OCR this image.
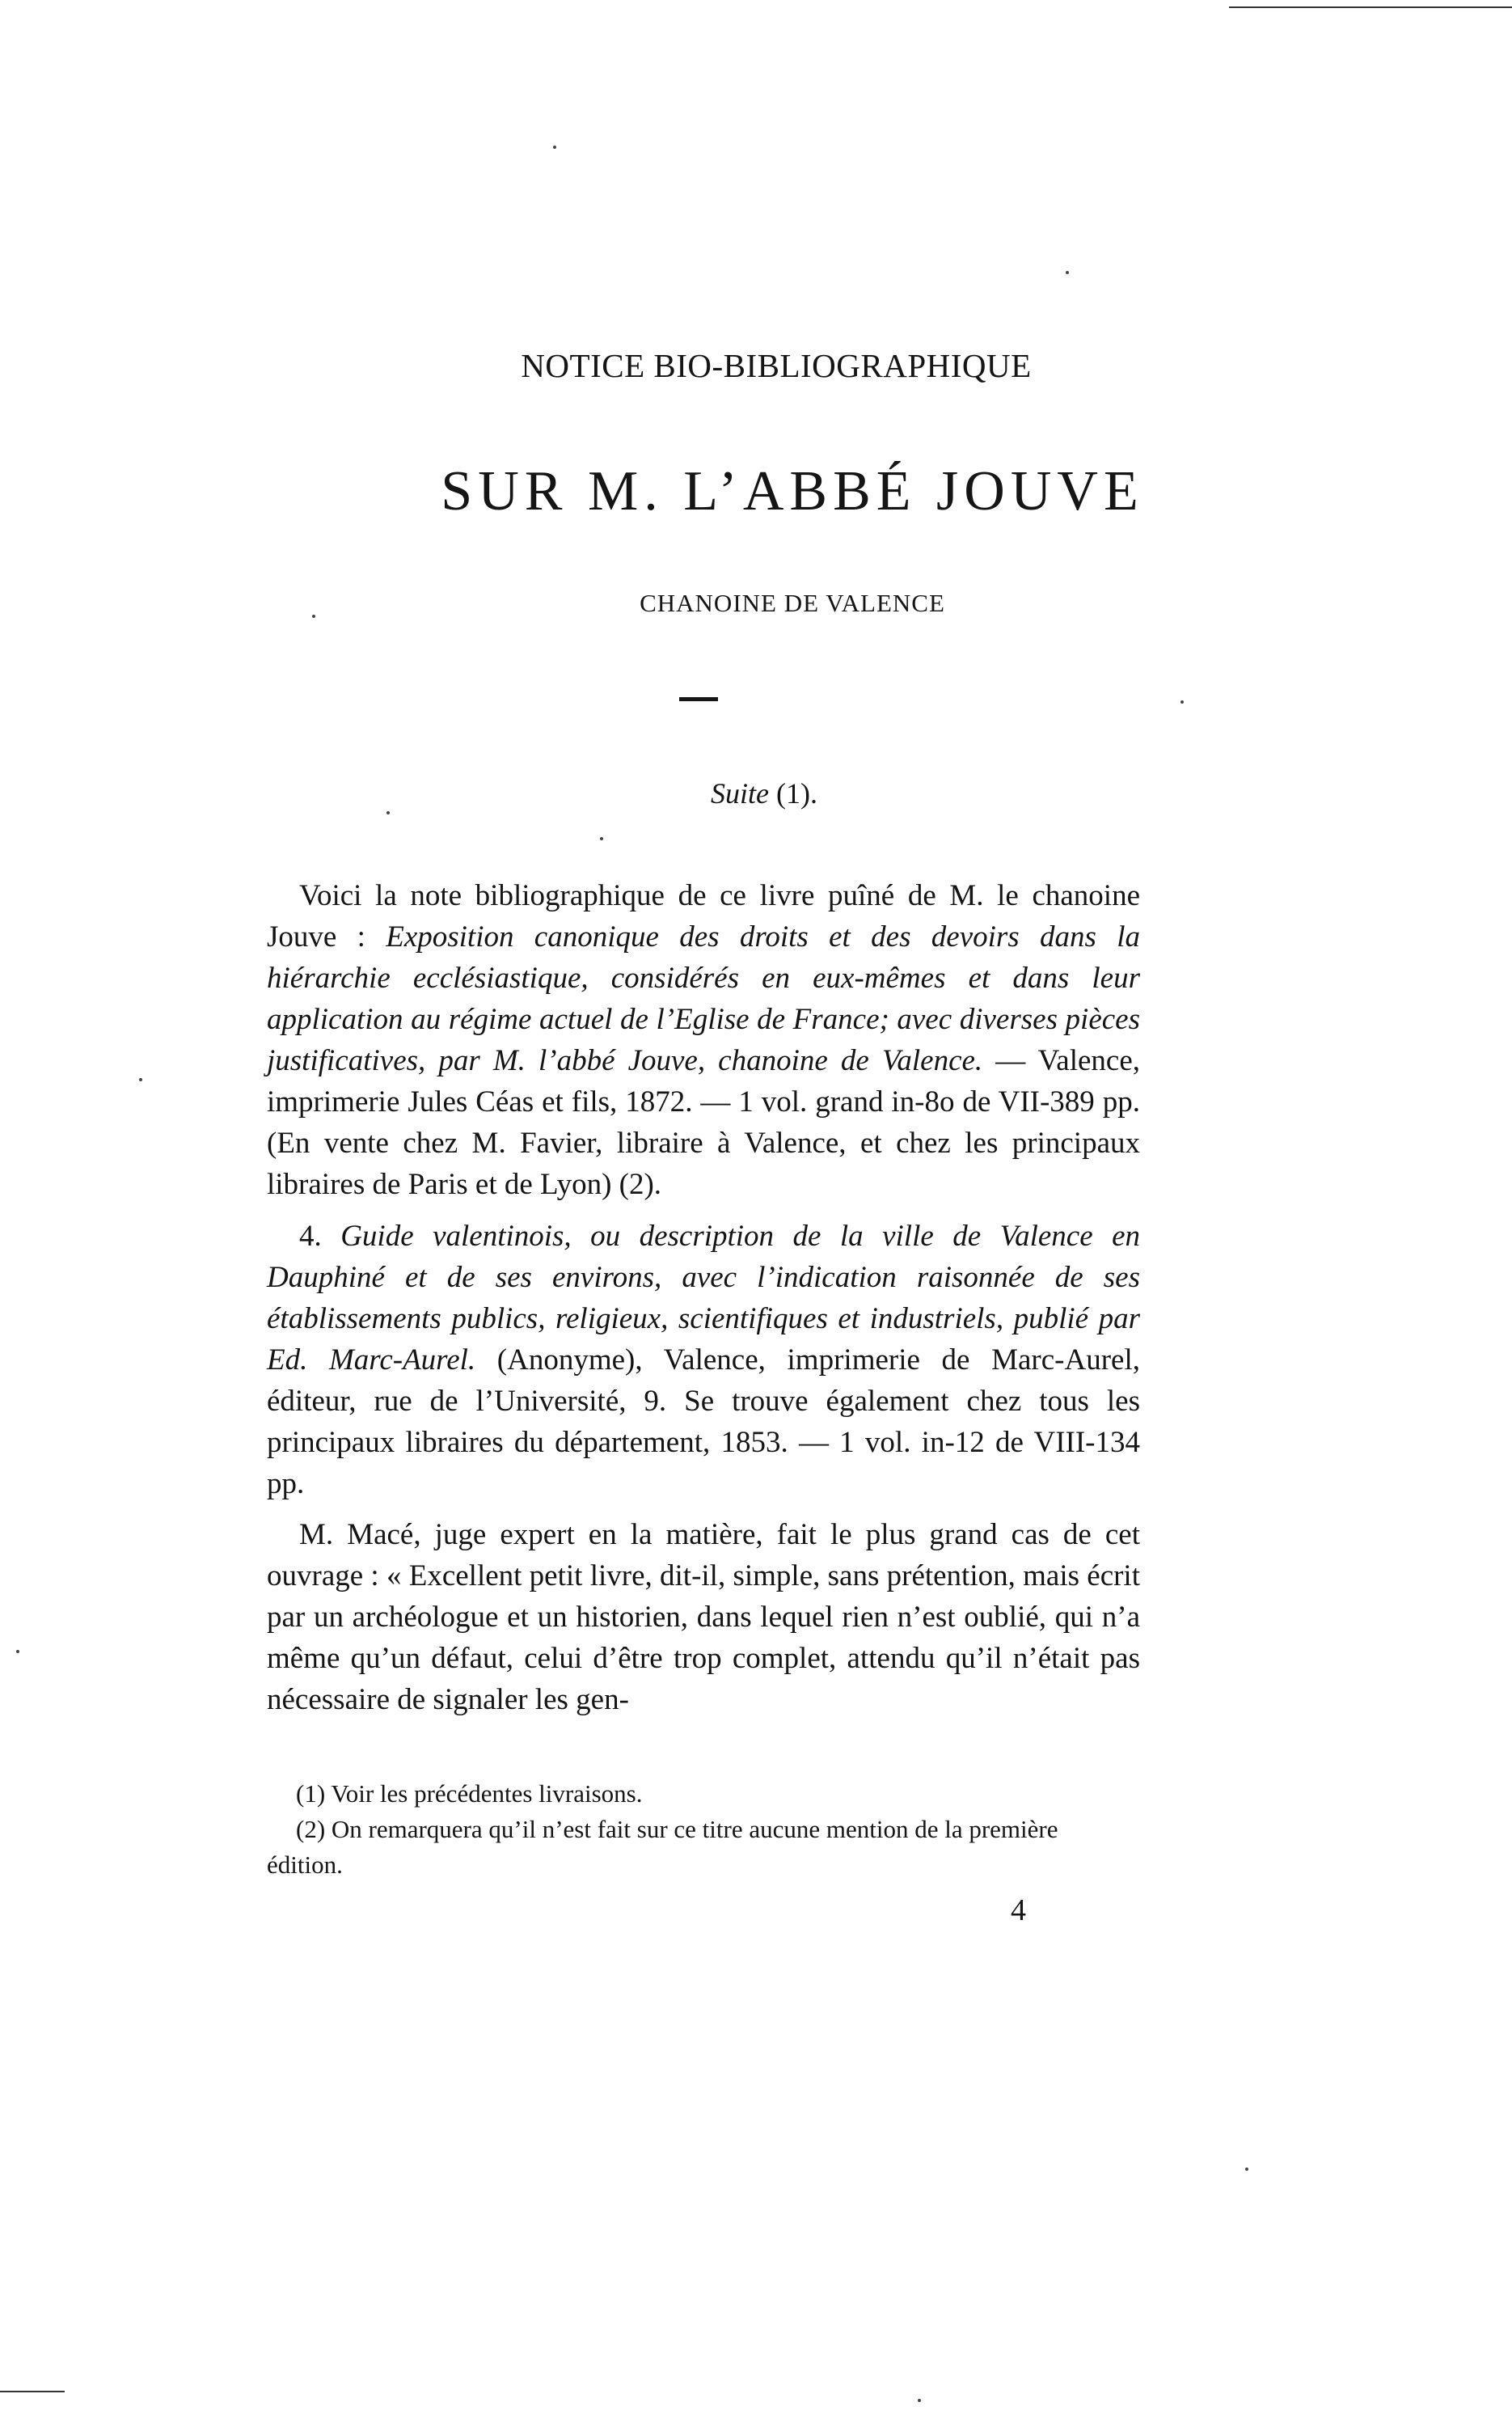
NOTICE BIO-BIBLIOGRAPHIQUE
SUR M. L’ABBÉ JOUVE
CHANOINE DE VALENCE
Suite (1).

Voici la note bibliographique de ce livre puîné de M. le chanoine Jouve : Exposition canonique des droits et des devoirs dans la hiérarchie ecclésiastique, considérés en eux-mêmes et dans leur application au régime actuel de l’Eglise de France; avec diverses pièces justificatives, par M. l’abbé Jouve, chanoine de Valence. — Valence, imprimerie Jules Céas et fils, 1872. — 1 vol. grand in-8o de VII-389 pp. (En vente chez M. Favier, libraire à Valence, et chez les principaux libraires de Paris et de Lyon) (2).

4. Guide valentinois, ou description de la ville de Valence en Dauphiné et de ses environs, avec l’indication raisonnée de ses établissements publics, religieux, scientifiques et industriels, publié par Ed. Marc-Aurel. (Anonyme), Valence, imprimerie de Marc-Aurel, éditeur, rue de l’Université, 9. Se trouve également chez tous les principaux libraires du département, 1853. — 1 vol. in-12 de VIII-134 pp.

M. Macé, juge expert en la matière, fait le plus grand cas de cet ouvrage : « Excellent petit livre, dit-il, simple, sans prétention, mais écrit par un archéologue et un historien, dans lequel rien n’est oublié, qui n’a même qu’un défaut, celui d’être trop complet, attendu qu’il n’était pas nécessaire de signaler les gen-

(1) Voir les précédentes livraisons.

(2) On remarquera qu’il n’est fait sur ce titre aucune mention de la première édition.

4
